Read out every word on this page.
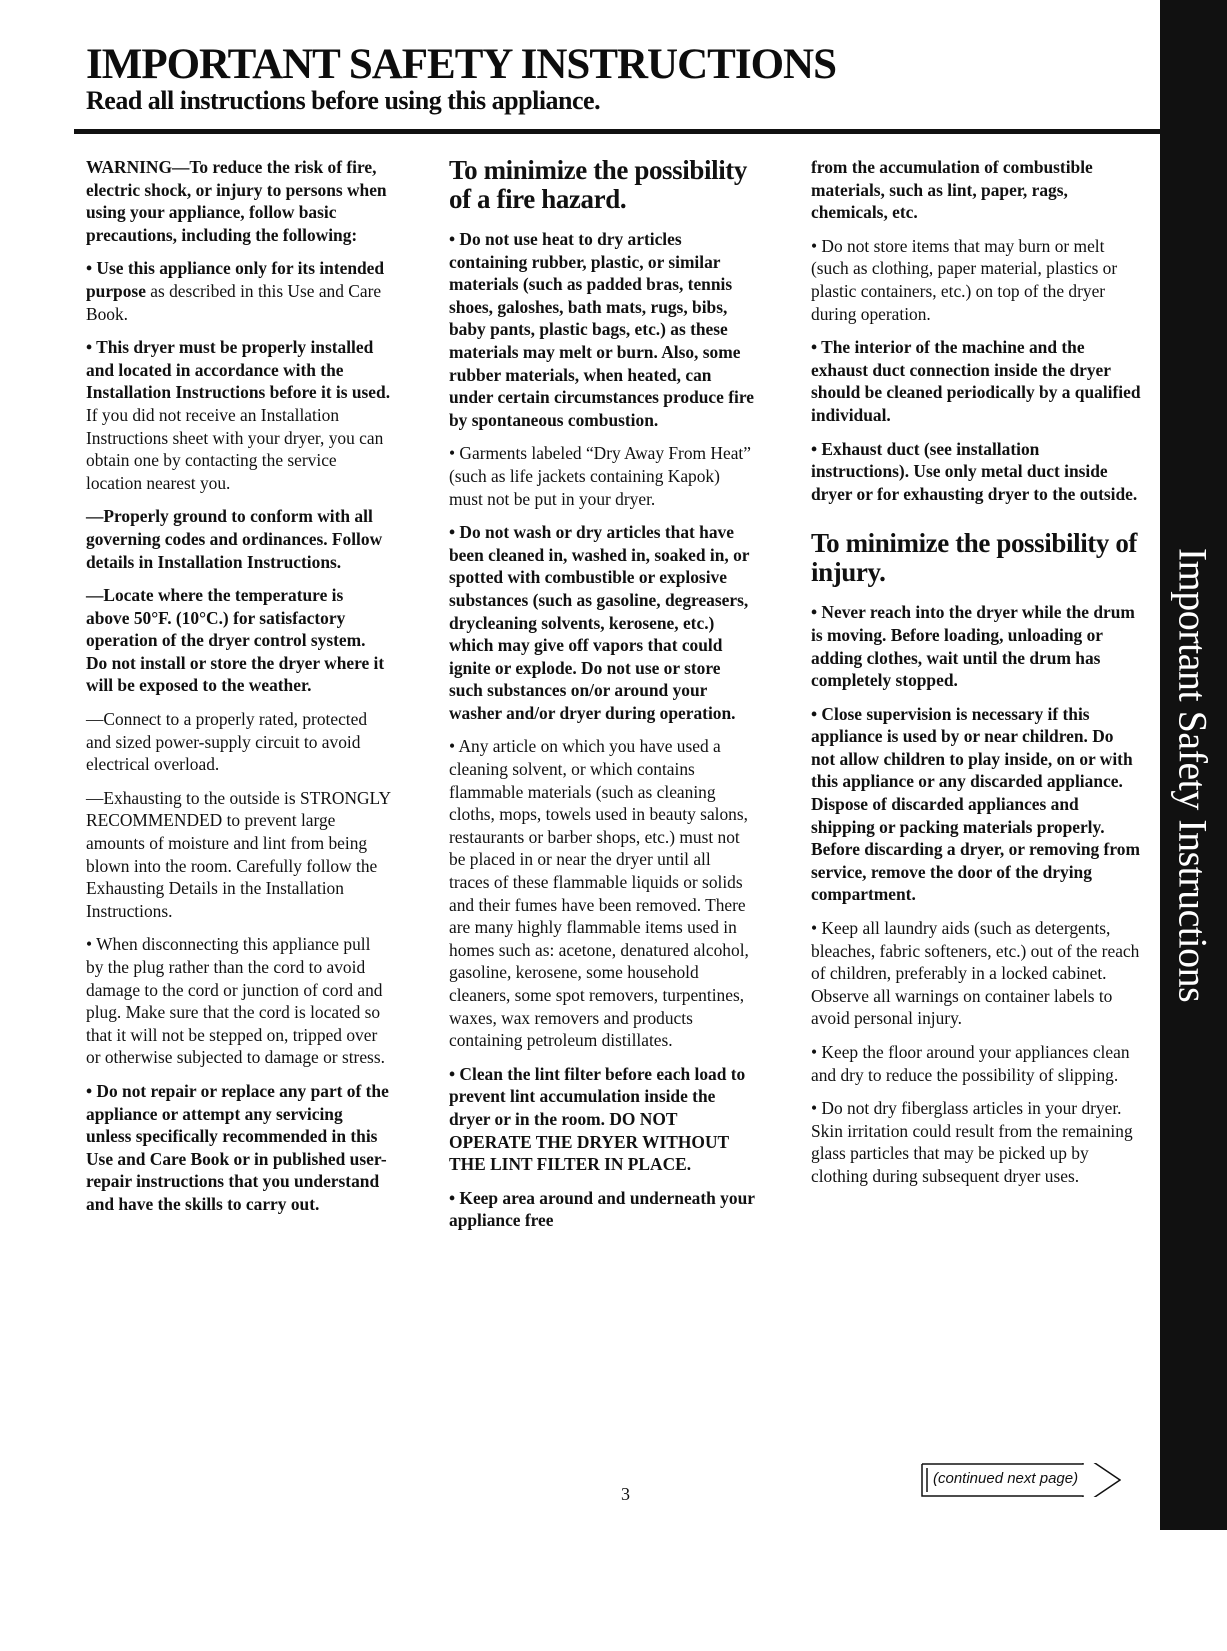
IMPORTANT SAFETY INSTRUCTIONS
Read all instructions before using this appliance.
Important Safety Instructions

WARNING—To reduce the risk of fire, electric shock, or injury to persons when using your appliance, follow basic precautions, including the following:

• Use this appliance only for its intended purpose as described in this Use and Care Book.

• This dryer must be properly installed and located in accordance with the Installation Instructions before it is used. If you did not receive an Installation Instructions sheet with your dryer, you can obtain one by contacting the service location nearest you.

—Properly ground to conform with all governing codes and ordinances. Follow details in Installation Instructions.

—Locate where the temperature is above 50°F. (10°C.) for satisfactory operation of the dryer control system. Do not install or store the dryer where it will be exposed to the weather.

—Connect to a properly rated, protected and sized power-supply circuit to avoid electrical overload.

—Exhausting to the outside is STRONGLY RECOMMENDED to prevent large amounts of moisture and lint from being blown into the room. Carefully follow the Exhausting Details in the Installation Instructions.

• When disconnecting this appliance pull by the plug rather than the cord to avoid damage to the cord or junction of cord and plug. Make sure that the cord is located so that it will not be stepped on, tripped over or otherwise subjected to damage or stress.

• Do not repair or replace any part of the appliance or attempt any servicing unless specifically recommended in this Use and Care Book or in published user-repair instructions that you understand and have the skills to carry out.

To minimize the possibility of a fire hazard.

• Do not use heat to dry articles containing rubber, plastic, or similar materials (such as padded bras, tennis shoes, galoshes, bath mats, rugs, bibs, baby pants, plastic bags, etc.) as these materials may melt or burn. Also, some rubber materials, when heated, can under certain circumstances produce fire by spontaneous combustion.

• Garments labeled “Dry Away From Heat” (such as life jackets containing Kapok) must not be put in your dryer.

• Do not wash or dry articles that have been cleaned in, washed in, soaked in, or spotted with combustible or explosive substances (such as gasoline, degreasers, drycleaning solvents, kerosene, etc.) which may give off vapors that could ignite or explode. Do not use or store such substances on/or around your washer and/or dryer during operation.

• Any article on which you have used a cleaning solvent, or which contains flammable materials (such as cleaning cloths, mops, towels used in beauty salons, restaurants or barber shops, etc.) must not be placed in or near the dryer until all traces of these flammable liquids or solids and their fumes have been removed. There are many highly flammable items used in homes such as: acetone, denatured alcohol, gasoline, kerosene, some household cleaners, some spot removers, turpentines, waxes, wax removers and products containing petroleum distillates.

• Clean the lint filter before each load to prevent lint accumulation inside the dryer or in the room. DO NOT OPERATE THE DRYER WITHOUT THE LINT FILTER IN PLACE.

• Keep area around and underneath your appliance free

from the accumulation of combustible materials, such as lint, paper, rags, chemicals, etc.

• Do not store items that may burn or melt (such as clothing, paper material, plastics or plastic containers, etc.) on top of the dryer during operation.

• The interior of the machine and the exhaust duct connection inside the dryer should be cleaned periodically by a qualified individual.

• Exhaust duct (see installation instructions). Use only metal duct inside dryer or for exhausting dryer to the outside.

To minimize the possibility of injury.

• Never reach into the dryer while the drum is moving. Before loading, unloading or adding clothes, wait until the drum has completely stopped.

• Close supervision is necessary if this appliance is used by or near children. Do not allow children to play inside, on or with this appliance or any discarded appliance. Dispose of discarded appliances and shipping or packing materials properly. Before discarding a dryer, or removing from service, remove the door of the drying compartment.

• Keep all laundry aids (such as detergents, bleaches, fabric softeners, etc.) out of the reach of children, preferably in a locked cabinet. Observe all warnings on container labels to avoid personal injury.

• Keep the floor around your appliances clean and dry to reduce the possibility of slipping.

• Do not dry fiberglass articles in your dryer. Skin irritation could result from the remaining glass particles that may be picked up by clothing during subsequent dryer uses.

(continued next page)
3
